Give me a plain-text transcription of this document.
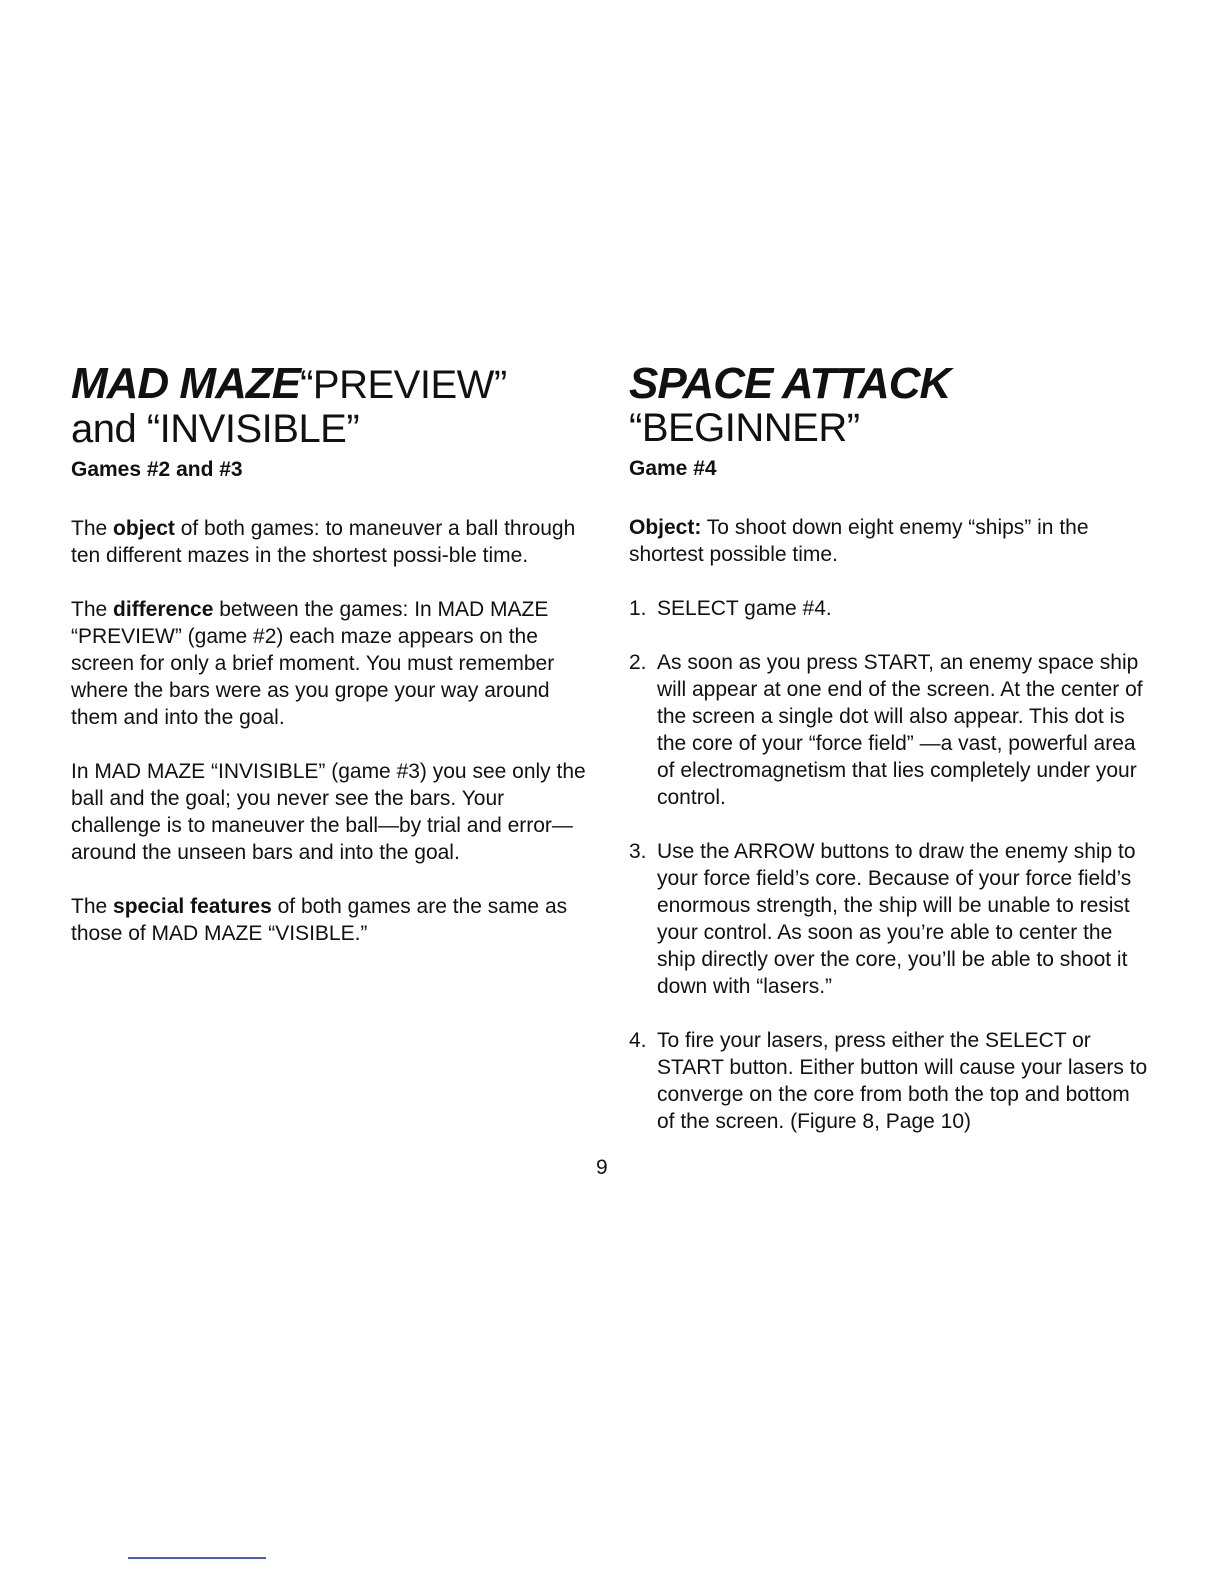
MAD MAZE“PREVIEW”
and “INVISIBLE”
Games #2 and #3

The object of both games: to maneuver a ball through ten different mazes in the shortest possi-ble time.

The difference between the games: In MAD MAZE “PREVIEW” (game #2) each maze appears on the screen for only a brief moment. You must remember where the bars were as you grope your way around them and into the goal.

In MAD MAZE “INVISIBLE” (game #3) you see only the ball and the goal; you never see the bars. Your challenge is to maneuver the ball—by trial and error—around the unseen bars and into the goal.

The special features of both games are the same as those of MAD MAZE “VISIBLE.”

SPACE ATTACK
“BEGINNER”
Game #4

Object: To shoot down eight enemy “ships” in the shortest possible time.

1. SELECT game #4.
2. As soon as you press START, an enemy space ship will appear at one end of the screen. At the center of the screen a single dot will also appear. This dot is the core of your “force field” —a vast, powerful area of electromagnetism that lies completely under your control.
3. Use the ARROW buttons to draw the enemy ship to your force field’s core. Because of your force field’s enormous strength, the ship will be unable to resist your control. As soon as you’re able to center the ship directly over the core, you’ll be able to shoot it down with “lasers.”
4. To fire your lasers, press either the SELECT or START button. Either button will cause your lasers to converge on the core from both the top and bottom of the screen. (Figure 8, Page 10)
9
